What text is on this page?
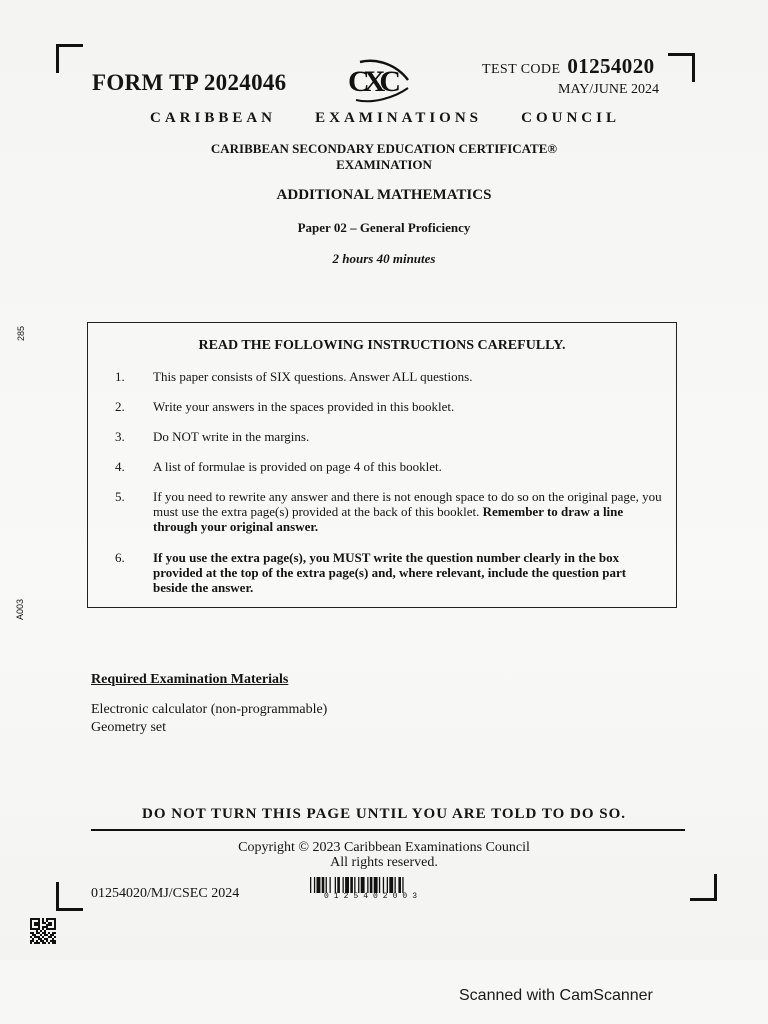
FORM TP 2024046 CXC	TEST CODE 01254020
MAY/JUNE 2024
CARIBBEAN	EXAMINATIONS	COUNCIL
CARIBBEAN SECONDARY EDUCATION CERTIFICATE®
EXAMINATION
ADDITIONAL MATHEMATICS
Paper 02 – General Proficiency
2 hours 40 minutes
285
A003
READ THE FOLLOWING INSTRUCTIONS CAREFULLY.
1. This paper consists of SIX questions. Answer ALL questions.
2. Write your answers in the spaces provided in this booklet.
3. Do NOT write in the margins.
4. A list of formulae is provided on page 4 of this booklet.
5. If you need to rewrite any answer and there is not enough space to do so on the original page, you must use the extra page(s) provided at the back of this booklet. Remember to draw a line through your original answer.
6. If you use the extra page(s), you MUST write the question number clearly in the box provided at the top of the extra page(s) and, where relevant, include the question part beside the answer.
Required Examination Materials
Electronic calculator (non-programmable)
Geometry set
DO NOT TURN THIS PAGE UNTIL YOU ARE TOLD TO DO SO.
Copyright © 2023 Caribbean Examinations Council
All rights reserved.
01254020/MJ/CSEC 2024	0125402003
Scanned with CamScanner
